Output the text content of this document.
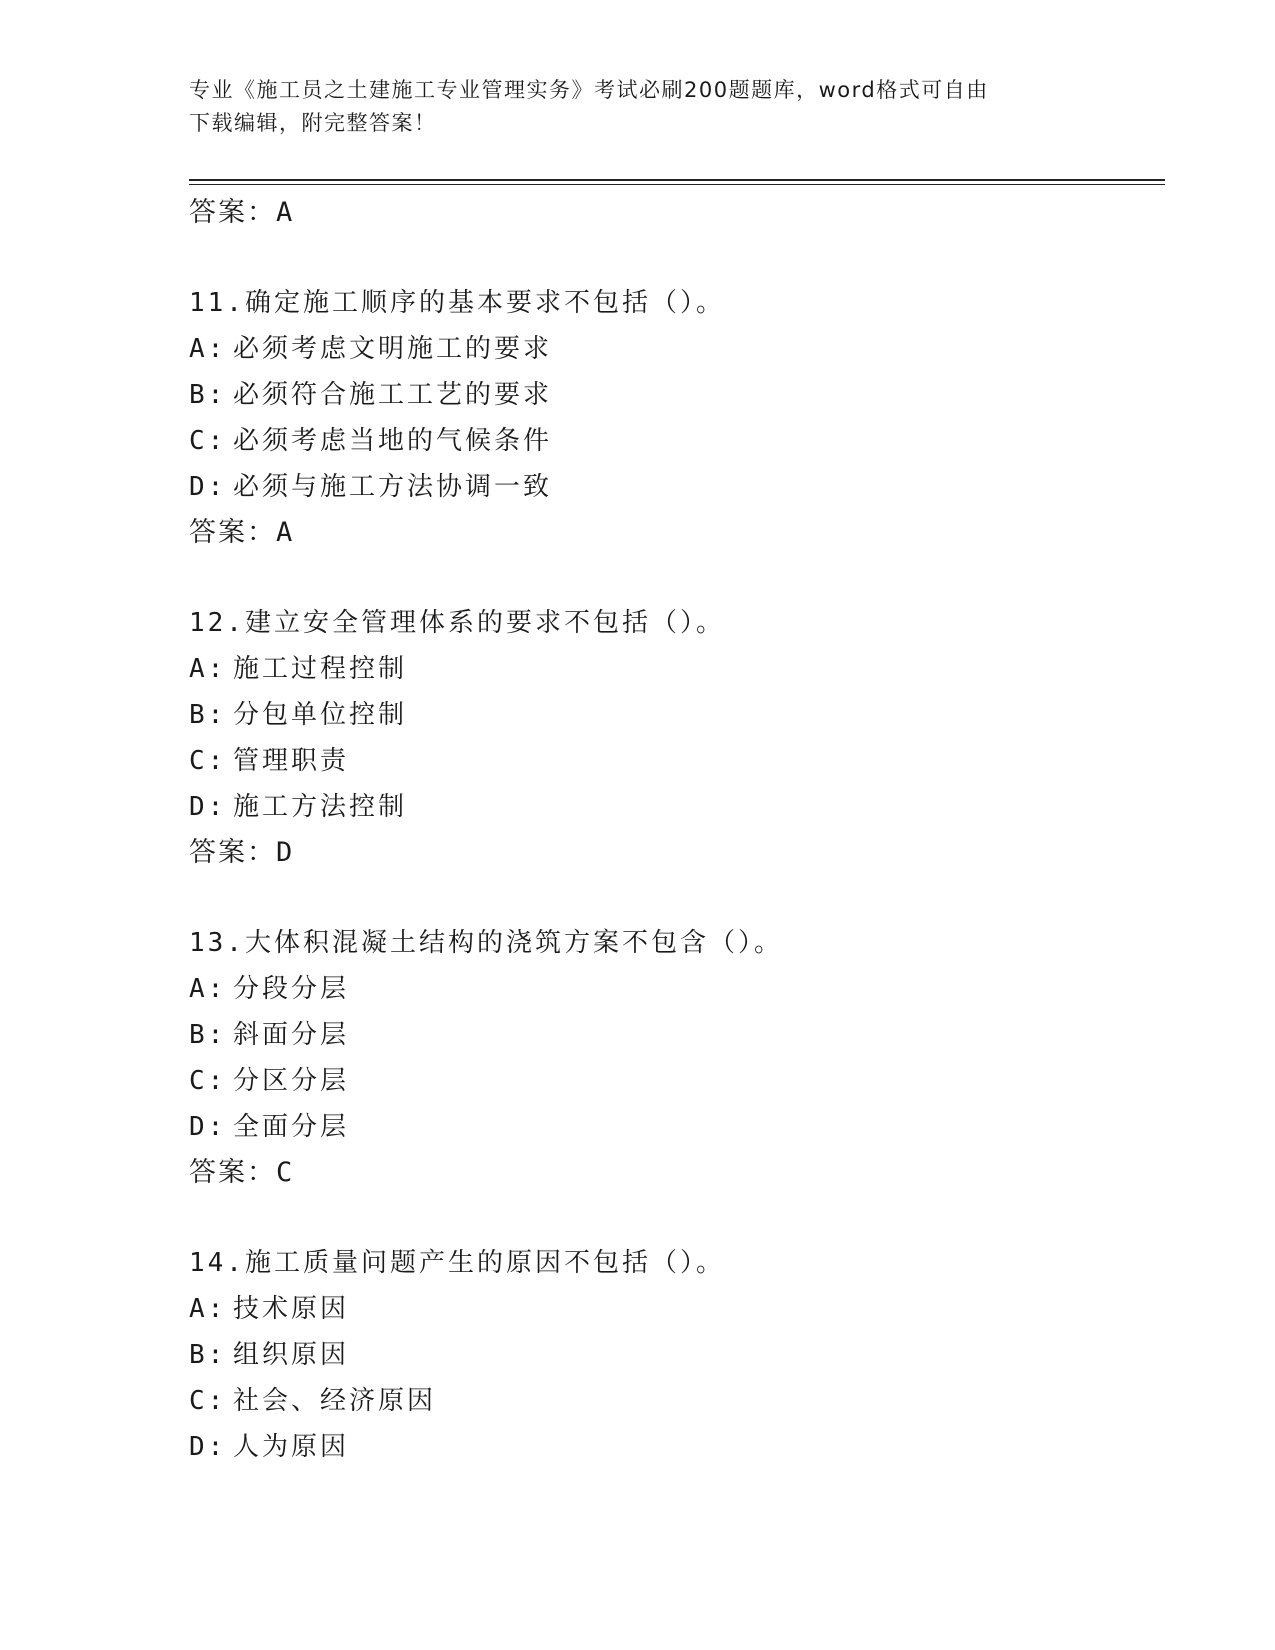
专业《施工员之土建施工专业管理实务》考试必刷200题题库，word格式可自由
下载编辑，附完整答案！
答案：A
11.确定施工顺序的基本要求不包括（）。
A: 必须考虑文明施工的要求
B: 必须符合施工工艺的要求
C: 必须考虑当地的气候条件
D: 必须与施工方法协调一致
答案：A
12.建立安全管理体系的要求不包括（）。
A: 施工过程控制
B: 分包单位控制
C: 管理职责
D: 施工方法控制
答案：D
13.大体积混凝土结构的浇筑方案不包含（）。
A: 分段分层
B: 斜面分层
C: 分区分层
D: 全面分层
答案：C
14.施工质量问题产生的原因不包括（）。
A: 技术原因
B: 组织原因
C: 社会、经济原因
D: 人为原因
